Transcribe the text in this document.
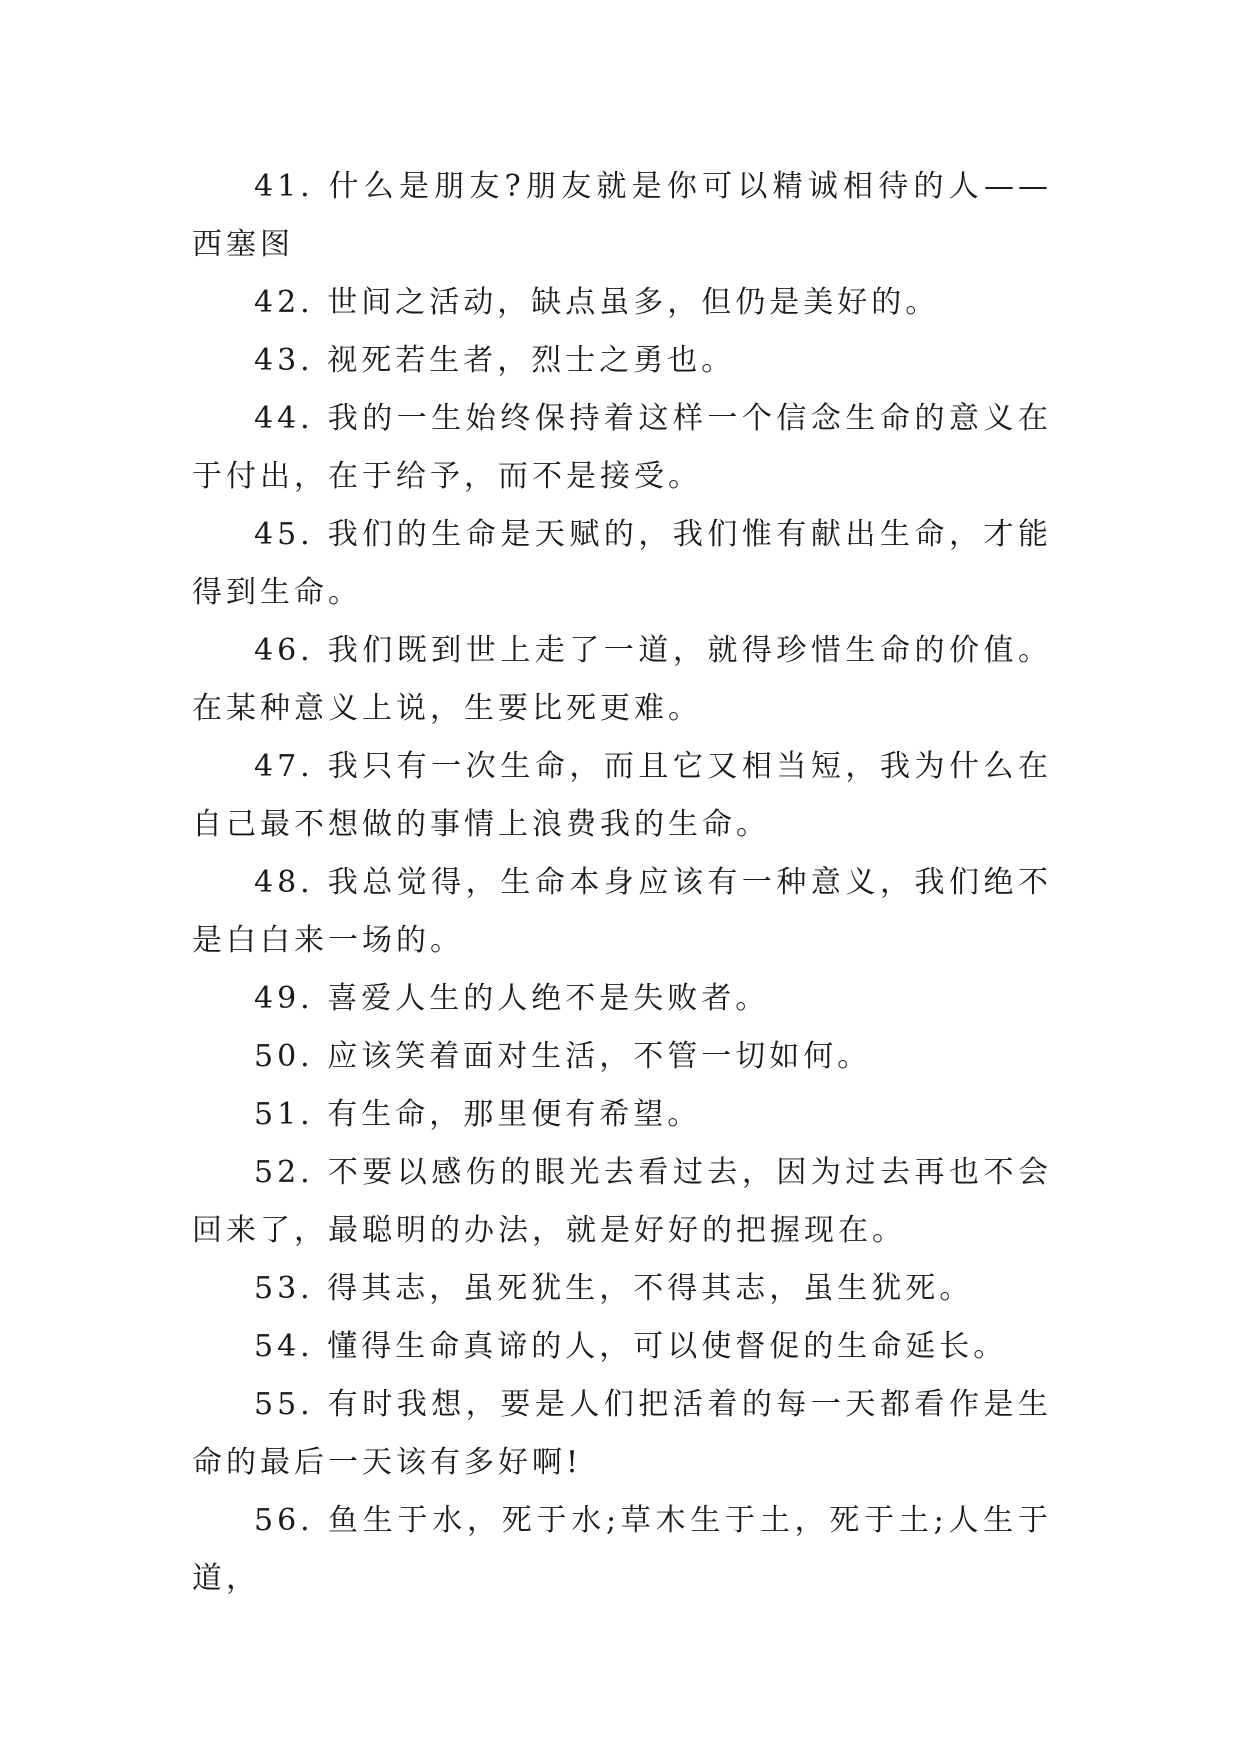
41. 什么是朋友?朋友就是你可以精诚相待的人——西塞图

42. 世间之活动，缺点虽多，但仍是美好的。

43. 视死若生者，烈士之勇也。

44. 我的一生始终保持着这样一个信念生命的意义在于付出，在于给予，而不是接受。

45. 我们的生命是天赋的，我们惟有献出生命，才能得到生命。

46. 我们既到世上走了一道，就得珍惜生命的价值。在某种意义上说，生要比死更难。

47. 我只有一次生命，而且它又相当短，我为什么在自己最不想做的事情上浪费我的生命。

48. 我总觉得，生命本身应该有一种意义，我们绝不是白白来一场的。

49. 喜爱人生的人绝不是失败者。

50. 应该笑着面对生活，不管一切如何。

51. 有生命，那里便有希望。

52. 不要以感伤的眼光去看过去，因为过去再也不会回来了，最聪明的办法，就是好好的把握现在。

53. 得其志，虽死犹生，不得其志，虽生犹死。

54. 懂得生命真谛的人，可以使督促的生命延长。

55. 有时我想，要是人们把活着的每一天都看作是生命的最后一天该有多好啊!

56. 鱼生于水，死于水;草木生于土，死于土;人生于道，
